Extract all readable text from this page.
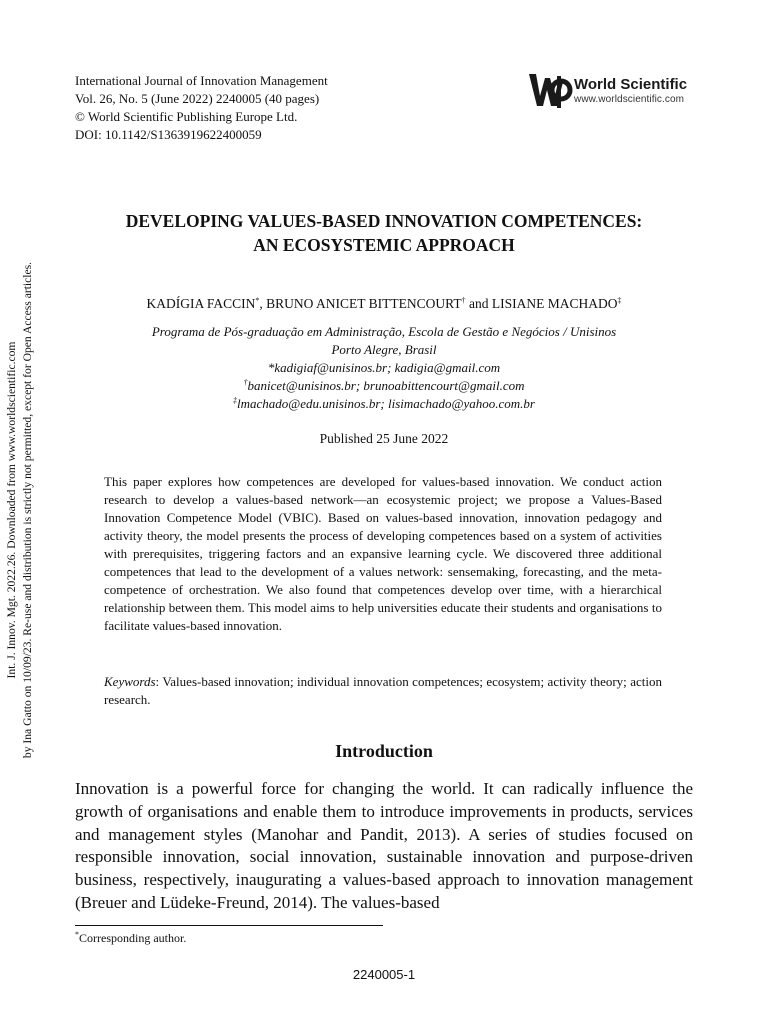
Int. J. Innov. Mgt. 2022.26. Downloaded from www.worldscientific.com by Ina Gatto on 10/09/23. Re-use and distribution is strictly not permitted, except for Open Access articles.
International Journal of Innovation Management
Vol. 26, No. 5 (June 2022) 2240005 (40 pages)
© World Scientific Publishing Europe Ltd.
DOI: 10.1142/S1363919622400059
World Scientific
www.worldscientific.com
DEVELOPING VALUES-BASED INNOVATION COMPETENCES:
AN ECOSYSTEMIC APPROACH
KADÍGIA FACCIN*, BRUNO ANICET BITTENCOURT† and LISIANE MACHADO‡
Programa de Pós-graduação em Administração, Escola de Gestão e Negócios / Unisinos
Porto Alegre, Brasil
*kadigiaf@unisinos.br; kadigia@gmail.com
†banicet@unisinos.br; brunoabittencourt@gmail.com
‡lmachado@edu.unisinos.br; lisimachado@yahoo.com.br
Published 25 June 2022
This paper explores how competences are developed for values-based innovation. We conduct action research to develop a values-based network—an ecosystemic project; we propose a Values-Based Innovation Competence Model (VBIC). Based on values-based innovation, innovation pedagogy and activity theory, the model presents the process of developing competences based on a system of activities with prerequisites, triggering factors and an expansive learning cycle. We discovered three additional competences that lead to the development of a values network: sensemaking, forecasting, and the meta-competence of orchestration. We also found that competences develop over time, with a hierarchical relationship between them. This model aims to help universities educate their students and organisations to facilitate values-based innovation.
Keywords: Values-based innovation; individual innovation competences; ecosystem; activity theory; action research.
Introduction
Innovation is a powerful force for changing the world. It can radically influence the growth of organisations and enable them to introduce improvements in products, services and management styles (Manohar and Pandit, 2013). A series of studies focused on responsible innovation, social innovation, sustainable innovation and purpose-driven business, respectively, inaugurating a values-based approach to innovation management (Breuer and Lüdeke-Freund, 2014). The values-based
*Corresponding author.
2240005-1
